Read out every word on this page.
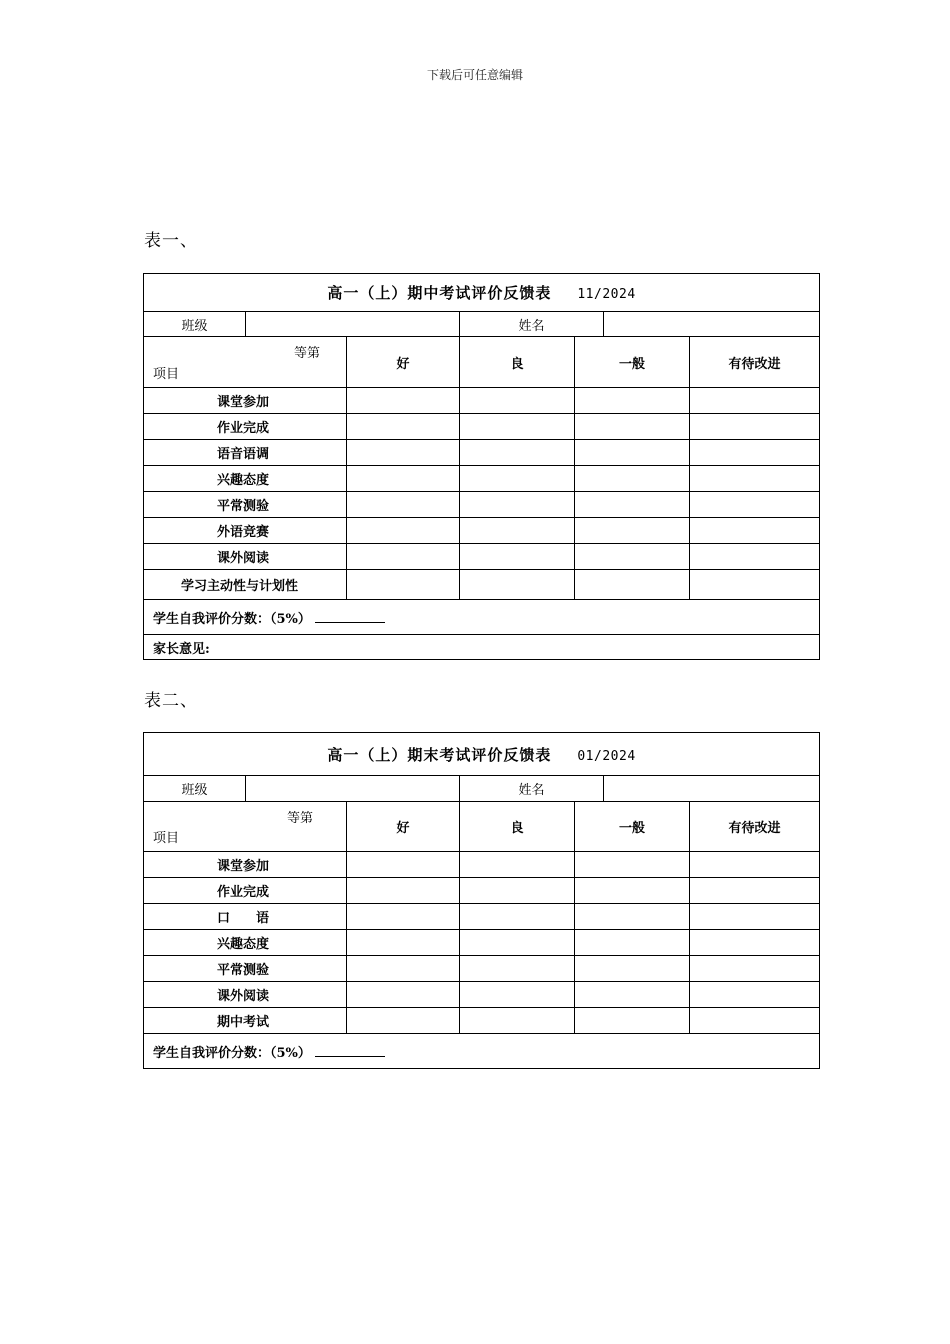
下载后可任意编辑
表一、
高一（上）期中考试评价反馈表 11/2024						
班级			姓名			

等第
项目		好	良	一般		有待改进
课堂参加						
作业完成						
语音语调						
兴趣态度						
平常测验						
外语竞赛						
课外阅读						
学习主动性与计划性						
学生自我评价分数：（5%）						
家长意见:						
表二、
高一（上）期末考试评价反馈表 01/2024						
班级			姓名			

等第
项目		好	良	一般		有待改进
课堂参加						
作业完成						
口　　语						
兴趣态度						
平常测验						
课外阅读						
期中考试						
学生自我评价分数：（5%）						
